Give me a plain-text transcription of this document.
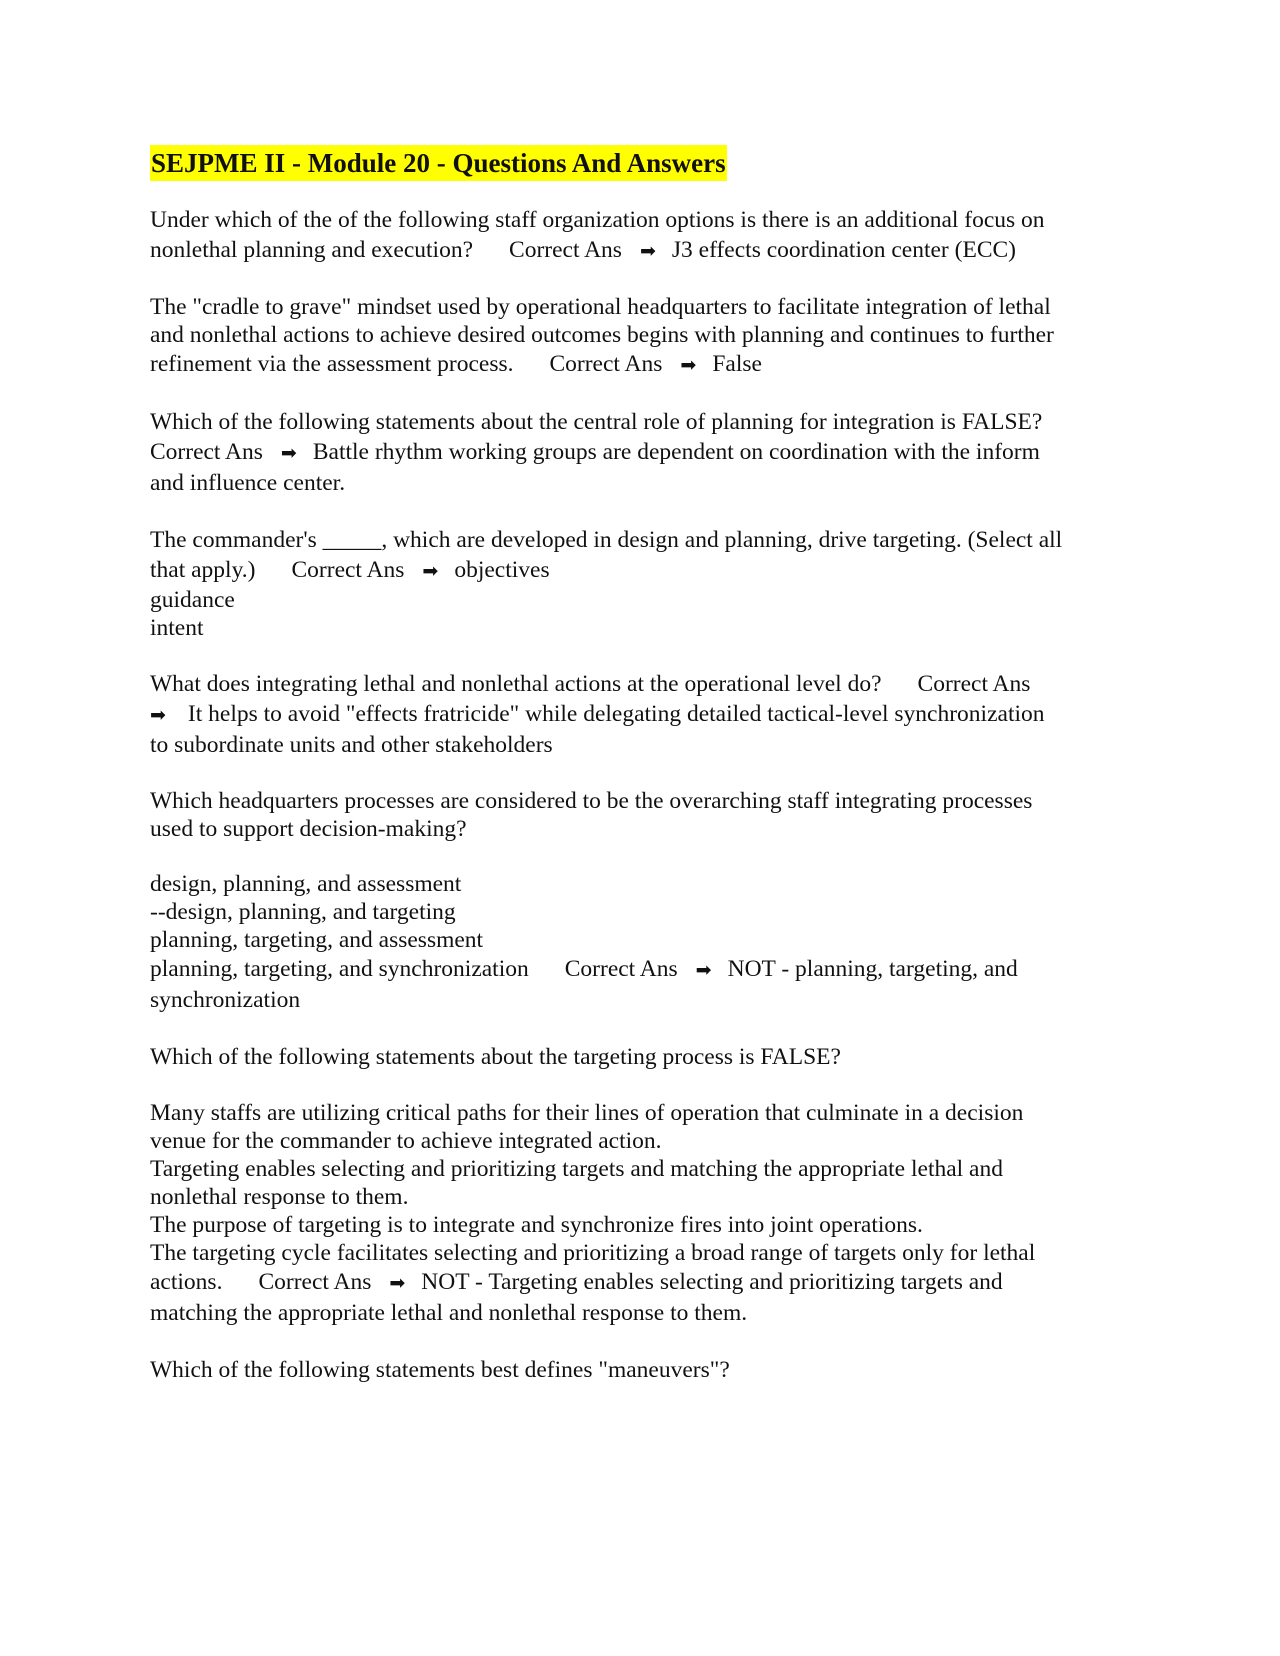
SEJPME II - Module 20 - Questions And Answers
Under which of the of the following staff organization options is there is an additional focus on
nonlethal planning and execution? Correct Ans ➡ J3 effects coordination center (ECC)
The "cradle to grave" mindset used by operational headquarters to facilitate integration of lethal
and nonlethal actions to achieve desired outcomes begins with planning and continues to further
refinement via the assessment process. Correct Ans ➡ False
Which of the following statements about the central role of planning for integration is FALSE?
Correct Ans ➡ Battle rhythm working groups are dependent on coordination with the inform
and influence center.
The commander's _____, which are developed in design and planning, drive targeting. (Select all
that apply.) Correct Ans ➡ objectives
guidance
intent
What does integrating lethal and nonlethal actions at the operational level do? Correct Ans
➡ It helps to avoid "effects fratricide" while delegating detailed tactical-level synchronization
to subordinate units and other stakeholders
Which headquarters processes are considered to be the overarching staff integrating processes
used to support decision-making?
design, planning, and assessment
--design, planning, and targeting
planning, targeting, and assessment
planning, targeting, and synchronization Correct Ans ➡ NOT - planning, targeting, and
synchronization
Which of the following statements about the targeting process is FALSE?
Many staffs are utilizing critical paths for their lines of operation that culminate in a decision
venue for the commander to achieve integrated action.
Targeting enables selecting and prioritizing targets and matching the appropriate lethal and
nonlethal response to them.
The purpose of targeting is to integrate and synchronize fires into joint operations.
The targeting cycle facilitates selecting and prioritizing a broad range of targets only for lethal
actions. Correct Ans ➡ NOT - Targeting enables selecting and prioritizing targets and
matching the appropriate lethal and nonlethal response to them.
Which of the following statements best defines "maneuvers"?
